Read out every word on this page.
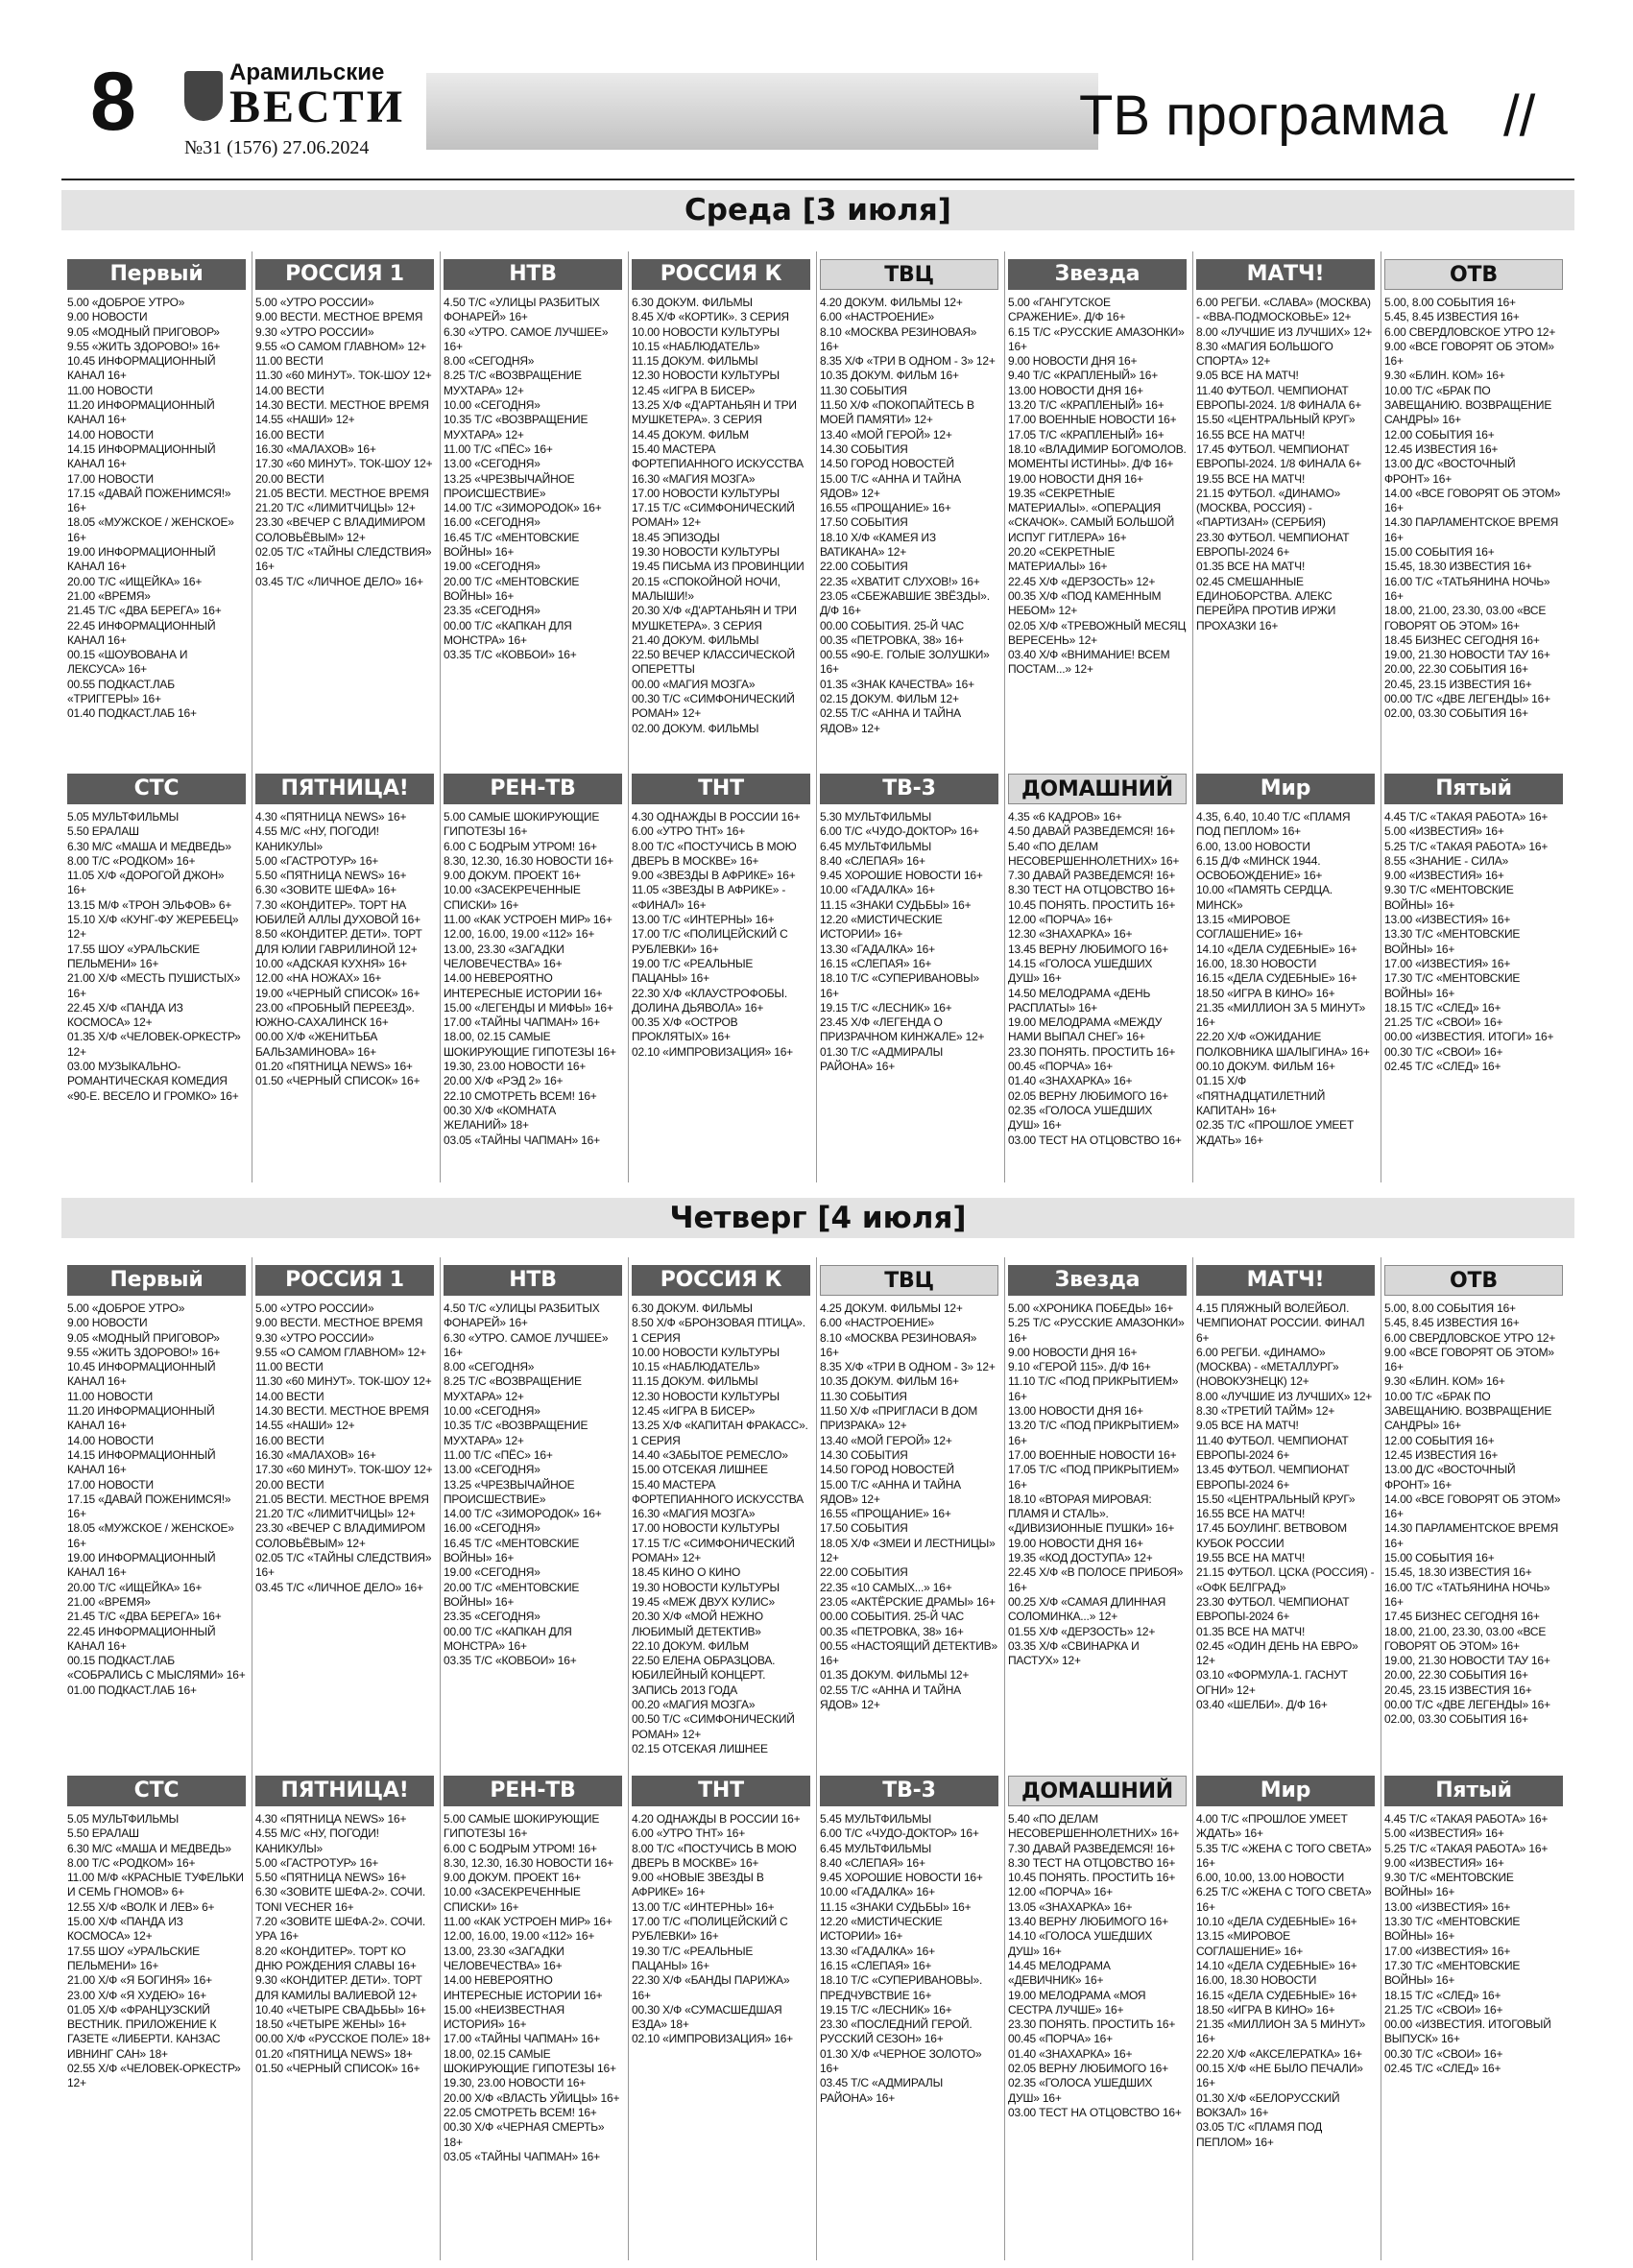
8	Арамильские
ВЕСТИ
№31 (1576) 27.06.2024
ТВ программа //
Среда [3 июля]
Четверг [4 июля]
Первый
5.00 «ДОБРОЕ УТРО»
9.00 НОВОСТИ
9.05 «МОДНЫЙ ПРИГОВОР»
9.55 «ЖИТЬ ЗДОРОВО!» 16+
10.45 ИНФОРМАЦИОННЫЙ КАНАЛ 16+
11.00 НОВОСТИ
11.20 ИНФОРМАЦИОННЫЙ КАНАЛ 16+
14.00 НОВОСТИ
14.15 ИНФОРМАЦИОННЫЙ КАНАЛ 16+
17.00 НОВОСТИ
17.15 «ДАВАЙ ПОЖЕНИМСЯ!» 16+
18.05 «МУЖСКОЕ / ЖЕНСКОЕ» 16+
19.00 ИНФОРМАЦИОННЫЙ КАНАЛ 16+
20.00 Т/С «ИЩЕЙКА» 16+
21.00 «ВРЕМЯ»
21.45 Т/С «ДВА БЕРЕГА» 16+
22.45 ИНФОРМАЦИОННЫЙ КАНАЛ 16+
00.15 «ШОУВОВАНА И ЛЕКСУСА» 16+
00.55 ПОДКАСТ.ЛАБ «ТРИГГЕРЫ» 16+
01.40 ПОДКАСТ.ЛАБ 16+
РОССИЯ 1
5.00 «УТРО РОССИИ»
9.00 ВЕСТИ. МЕСТНОЕ ВРЕМЯ
9.30 «УТРО РОССИИ»
9.55 «О САМОМ ГЛАВНОМ» 12+
11.00 ВЕСТИ
11.30 «60 МИНУТ». ТОК-ШОУ 12+
14.00 ВЕСТИ
14.30 ВЕСТИ. МЕСТНОЕ ВРЕМЯ
14.55 «НАШИ» 12+
16.00 ВЕСТИ
16.30 «МАЛАХОВ» 16+
17.30 «60 МИНУТ». ТОК-ШОУ 12+
20.00 ВЕСТИ
21.05 ВЕСТИ. МЕСТНОЕ ВРЕМЯ
21.20 Т/С «ЛИМИТЧИЦЫ» 12+
23.30 «ВЕЧЕР С ВЛАДИМИРОМ СОЛОВЬЁВЫМ» 12+
02.05 Т/С «ТАЙНЫ СЛЕДСТВИЯ» 16+
03.45 Т/С «ЛИЧНОЕ ДЕЛО» 16+
НТВ
4.50 Т/С «УЛИЦЫ РАЗБИТЫХ ФОНАРЕЙ» 16+
6.30 «УТРО. САМОЕ ЛУЧШЕЕ» 16+
8.00 «СЕГОДНЯ»
8.25 Т/С «ВОЗВРАЩЕНИЕ МУХТАРА» 12+
10.00 «СЕГОДНЯ»
10.35 Т/С «ВОЗВРАЩЕНИЕ МУХТАРА» 12+
11.00 Т/С «ПЁС» 16+
13.00 «СЕГОДНЯ»
13.25 «ЧРЕЗВЫЧАЙНОЕ ПРОИСШЕСТВИЕ»
14.00 Т/С «ЗИМОРОДОК» 16+
16.00 «СЕГОДНЯ»
16.45 Т/С «МЕНТОВСКИЕ ВОЙНЫ» 16+
19.00 «СЕГОДНЯ»
20.00 Т/С «МЕНТОВСКИЕ ВОЙНЫ» 16+
23.35 «СЕГОДНЯ»
00.00 Т/С «КАПКАН ДЛЯ МОНСТРА» 16+
03.35 Т/С «КОВБОИ» 16+
РОССИЯ К
6.30 ДОКУМ. ФИЛЬМЫ
8.45 Х/Ф «КОРТИК». 3 СЕРИЯ
10.00 НОВОСТИ КУЛЬТУРЫ
10.15 «НАБЛЮДАТЕЛЬ»
11.15 ДОКУМ. ФИЛЬМЫ
12.30 НОВОСТИ КУЛЬТУРЫ
12.45 «ИГРА В БИСЕР»
13.25 Х/Ф «Д'АРТАНЬЯН И ТРИ МУШКЕТЕРА». 3 СЕРИЯ
14.45 ДОКУМ. ФИЛЬМ
15.40 МАСТЕРА ФОРТЕПИАННОГО ИСКУССТВА
16.30 «МАГИЯ МОЗГА»
17.00 НОВОСТИ КУЛЬТУРЫ
17.15 Т/С «СИМФОНИЧЕСКИЙ РОМАН» 12+
18.45 ЭПИЗОДЫ
19.30 НОВОСТИ КУЛЬТУРЫ
19.45 ПИСЬМА ИЗ ПРОВИНЦИИ
20.15 «СПОКОЙНОЙ НОЧИ, МАЛЫШИ!»
20.30 Х/Ф «Д'АРТАНЬЯН И ТРИ МУШКЕТЕРА». 3 СЕРИЯ
21.40 ДОКУМ. ФИЛЬМЫ
22.50 ВЕЧЕР КЛАССИЧЕСКОЙ ОПЕРЕТТЫ
00.00 «МАГИЯ МОЗГА»
00.30 Т/С «СИМФОНИЧЕСКИЙ РОМАН» 12+
02.00 ДОКУМ. ФИЛЬМЫ
ТВЦ
4.20 ДОКУМ. ФИЛЬМЫ 12+
6.00 «НАСТРОЕНИЕ»
8.10 «МОСКВА РЕЗИНОВАЯ» 16+
8.35 Х/Ф «ТРИ В ОДНОМ - 3» 12+
10.35 ДОКУМ. ФИЛЬМ 16+
11.30 СОБЫТИЯ
11.50 Х/Ф «ПОКОПАЙТЕСЬ В МОЕЙ ПАМЯТИ» 12+
13.40 «МОЙ ГЕРОЙ» 12+
14.30 СОБЫТИЯ
14.50 ГОРОД НОВОСТЕЙ
15.00 Т/С «АННА И ТАЙНА ЯДОВ» 12+
16.55 «ПРОЩАНИЕ» 16+
17.50 СОБЫТИЯ
18.10 Х/Ф «КАМЕЯ ИЗ ВАТИКАНА» 12+
22.00 СОБЫТИЯ
22.35 «ХВАТИТ СЛУХОВ!» 16+
23.05 «СБЕЖАВШИЕ ЗВЁЗДЫ». Д/Ф 16+
00.00 СОБЫТИЯ. 25-Й ЧАС
00.35 «ПЕТРОВКА, 38» 16+
00.55 «90-Е. ГОЛЫЕ ЗОЛУШКИ» 16+
01.35 «ЗНАК КАЧЕСТВА» 16+
02.15 ДОКУМ. ФИЛЬМ 12+
02.55 Т/С «АННА И ТАЙНА ЯДОВ» 12+
Звезда
5.00 «ГАНГУТСКОЕ СРАЖЕНИЕ». Д/Ф 16+
6.15 Т/С «РУССКИЕ АМАЗОНКИ» 16+
9.00 НОВОСТИ ДНЯ 16+
9.40 Т/С «КРАПЛЕНЫЙ» 16+
13.00 НОВОСТИ ДНЯ 16+
13.20 Т/С «КРАПЛЕНЫЙ» 16+
17.00 ВОЕННЫЕ НОВОСТИ 16+
17.05 Т/С «КРАПЛЕНЫЙ» 16+
18.10 «ВЛАДИМИР БОГОМОЛОВ. МОМЕНТЫ ИСТИНЫ». Д/Ф 16+
19.00 НОВОСТИ ДНЯ 16+
19.35 «СЕКРЕТНЫЕ МАТЕРИАЛЫ». «ОПЕРАЦИЯ «СКАЧОК». САМЫЙ БОЛЬШОЙ ИСПУГ ГИТЛЕРА» 16+
20.20 «СЕКРЕТНЫЕ МАТЕРИАЛЫ» 16+
22.45 Х/Ф «ДЕРЗОСТЬ» 12+
00.35 Х/Ф «ПОД КАМЕННЫМ НЕБОМ» 12+
02.05 Х/Ф «ТРЕВОЖНЫЙ МЕСЯЦ ВЕРЕСЕНЬ» 12+
03.40 Х/Ф «ВНИМАНИЕ! ВСЕМ ПОСТАМ...» 12+
МАТЧ!
6.00 РЕГБИ. «СЛАВА» (МОСКВА) - «ВВА-ПОДМОСКОВЬЕ» 12+
8.00 «ЛУЧШИЕ ИЗ ЛУЧШИХ» 12+
8.30 «МАГИЯ БОЛЬШОГО СПОРТА» 12+
9.05 ВСЕ НА МАТЧ!
11.40 ФУТБОЛ. ЧЕМПИОНАТ ЕВРОПЫ-2024. 1/8 ФИНАЛА 6+
15.50 «ЦЕНТРАЛЬНЫЙ КРУГ»
16.55 ВСЕ НА МАТЧ!
17.45 ФУТБОЛ. ЧЕМПИОНАТ ЕВРОПЫ-2024. 1/8 ФИНАЛА 6+
19.55 ВСЕ НА МАТЧ!
21.15 ФУТБОЛ. «ДИНАМО» (МОСКВА, РОССИЯ) - «ПАРТИЗАН» (СЕРБИЯ)
23.30 ФУТБОЛ. ЧЕМПИОНАТ ЕВРОПЫ-2024 6+
01.35 ВСЕ НА МАТЧ!
02.45 СМЕШАННЫЕ ЕДИНОБОРСТВА. АЛЕКС ПЕРЕЙРА ПРОТИВ ИРЖИ ПРОХАЗКИ 16+
ОТВ
5.00, 8.00 СОБЫТИЯ 16+
5.45, 8.45 ИЗВЕСТИЯ 16+
6.00 СВЕРДЛОВСКОЕ УТРО 12+
9.00 «ВСЕ ГОВОРЯТ ОБ ЭТОМ» 16+
9.30 «БЛИН. КОМ» 16+
10.00 Т/С «БРАК ПО ЗАВЕЩАНИЮ. ВОЗВРАЩЕНИЕ САНДРЫ» 16+
12.00 СОБЫТИЯ 16+
12.45 ИЗВЕСТИЯ 16+
13.00 Д/С «ВОСТОЧНЫЙ ФРОНТ» 16+
14.00 «ВСЕ ГОВОРЯТ ОБ ЭТОМ» 16+
14.30 ПАРЛАМЕНТСКОЕ ВРЕМЯ 16+
15.00 СОБЫТИЯ 16+
15.45, 18.30 ИЗВЕСТИЯ 16+
16.00 Т/С «ТАТЬЯНИНА НОЧЬ» 16+
18.00, 21.00, 23.30, 03.00 «ВСЕ ГОВОРЯТ ОБ ЭТОМ» 16+
18.45 БИЗНЕС СЕГОДНЯ 16+
19.00, 21.30 НОВОСТИ ТАУ 16+
20.00, 22.30 СОБЫТИЯ 16+
20.45, 23.15 ИЗВЕСТИЯ 16+
00.00 Т/С «ДВЕ ЛЕГЕНДЫ» 16+
02.00, 03.30 СОБЫТИЯ 16+
СТС
5.05 МУЛЬТФИЛЬМЫ
5.50 ЕРАЛАШ
6.30 М/С «МАША И МЕДВЕДЬ»
8.00 Т/С «РОДКОМ» 16+
11.05 Х/Ф «ДОРОГОЙ ДЖОН» 16+
13.15 М/Ф «ТРОН ЭЛЬФОВ» 6+
15.10 Х/Ф «КУНГ-ФУ ЖЕРЕБЕЦ» 12+
17.55 ШОУ «УРАЛЬСКИЕ ПЕЛЬМЕНИ» 16+
21.00 Х/Ф «МЕСТЬ ПУШИСТЫХ» 16+
22.45 Х/Ф «ПАНДА ИЗ КОСМОСА» 12+
01.35 Х/Ф «ЧЕЛОВЕК-ОРКЕСТР» 12+
03.00 МУЗЫКАЛЬНО-РОМАНТИЧЕСКАЯ КОМЕДИЯ «90-Е. ВЕСЕЛО И ГРОМКО» 16+
ПЯТНИЦА!
4.30 «ПЯТНИЦА NEWS» 16+
4.55 М/С «НУ, ПОГОДИ! КАНИКУЛЫ»
5.00 «ГАСТРОТУР» 16+
5.50 «ПЯТНИЦА NEWS» 16+
6.30 «ЗОВИТЕ ШЕФА» 16+
7.30 «КОНДИТЕР». ТОРТ НА ЮБИЛЕЙ АЛЛЫ ДУХОВОЙ 16+
8.50 «КОНДИТЕР. ДЕТИ». ТОРТ ДЛЯ ЮЛИИ ГАВРИЛИНОЙ 12+
10.00 «АДСКАЯ КУХНЯ» 16+
12.00 «НА НОЖАХ» 16+
19.00 «ЧЕРНЫЙ СПИСОК» 16+
23.00 «ПРОБНЫЙ ПЕРЕЕЗД». ЮЖНО-САХАЛИНСК 16+
00.00 Х/Ф «ЖЕНИТЬБА БАЛЬЗАМИНОВА» 16+
01.20 «ПЯТНИЦА NEWS» 16+
01.50 «ЧЕРНЫЙ СПИСОК» 16+
РЕН-ТВ
5.00 САМЫЕ ШОКИРУЮЩИЕ ГИПОТЕЗЫ 16+
6.00 С БОДРЫМ УТРОМ! 16+
8.30, 12.30, 16.30 НОВОСТИ 16+
9.00 ДОКУМ. ПРОЕКТ 16+
10.00 «ЗАСЕКРЕЧЕННЫЕ СПИСКИ» 16+
11.00 «КАК УСТРОЕН МИР» 16+
12.00, 16.00, 19.00 «112» 16+
13.00, 23.30 «ЗАГАДКИ ЧЕЛОВЕЧЕСТВА» 16+
14.00 НЕВЕРОЯТНО ИНТЕРЕСНЫЕ ИСТОРИИ 16+
15.00 «ЛЕГЕНДЫ И МИФЫ» 16+
17.00 «ТАЙНЫ ЧАПМАН» 16+
18.00, 02.15 САМЫЕ ШОКИРУЮЩИЕ ГИПОТЕЗЫ 16+
19.30, 23.00 НОВОСТИ 16+
20.00 Х/Ф «РЭД 2» 16+
22.10 СМОТРЕТЬ ВСЕМ! 16+
00.30 Х/Ф «КОМНАТА ЖЕЛАНИЙ» 18+
03.05 «ТАЙНЫ ЧАПМАН» 16+
ТНТ
4.30 ОДНАЖДЫ В РОССИИ 16+
6.00 «УТРО ТНТ» 16+
8.00 Т/С «ПОСТУЧИСЬ В МОЮ ДВЕРЬ В МОСКВЕ» 16+
9.00 «ЗВЕЗДЫ В АФРИКЕ» 16+
11.05 «ЗВЕЗДЫ В АФРИКЕ» - «ФИНАЛ» 16+
13.00 Т/С «ИНТЕРНЫ» 16+
17.00 Т/С «ПОЛИЦЕЙСКИЙ С РУБЛЕВКИ» 16+
19.00 Т/С «РЕАЛЬНЫЕ ПАЦАНЫ» 16+
22.30 Х/Ф «КЛАУСТРОФОБЫ. ДОЛИНА ДЬЯВОЛА» 16+
00.35 Х/Ф «ОСТРОВ ПРОКЛЯТЫХ» 16+
02.10 «ИМПРОВИЗАЦИЯ» 16+
ТВ-3
5.30 МУЛЬТФИЛЬМЫ
6.00 Т/С «ЧУДО-ДОКТОР» 16+
6.45 МУЛЬТФИЛЬМЫ
8.40 «СЛЕПАЯ» 16+
9.45 ХОРОШИЕ НОВОСТИ 16+
10.00 «ГАДАЛКА» 16+
11.15 «ЗНАКИ СУДЬБЫ» 16+
12.20 «МИСТИЧЕСКИЕ ИСТОРИИ» 16+
13.30 «ГАДАЛКА» 16+
16.15 «СЛЕПАЯ» 16+
18.10 Т/С «СУПЕРИВАНОВЫ» 16+
19.15 Т/С «ЛЕСНИК» 16+
23.45 Х/Ф «ЛЕГЕНДА О ПРИЗРАЧНОМ КИНЖАЛЕ» 12+
01.30 Т/С «АДМИРАЛЫ РАЙОНА» 16+
ДОМАШНИЙ
4.35 «6 КАДРОВ» 16+
4.50 ДАВАЙ РАЗВЕДЕМСЯ! 16+
5.40 «ПО ДЕЛАМ НЕСОВЕРШЕННОЛЕТНИХ» 16+
7.30 ДАВАЙ РАЗВЕДЕМСЯ! 16+
8.30 ТЕСТ НА ОТЦОВСТВО 16+
10.45 ПОНЯТЬ. ПРОСТИТЬ 16+
12.00 «ПОРЧА» 16+
12.30 «ЗНАХАРКА» 16+
13.45 ВЕРНУ ЛЮБИМОГО 16+
14.15 «ГОЛОСА УШЕДШИХ ДУШ» 16+
14.50 МЕЛОДРАМА «ДЕНЬ РАСПЛАТЫ» 16+
19.00 МЕЛОДРАМА «МЕЖДУ НАМИ ВЫПАЛ СНЕГ» 16+
23.30 ПОНЯТЬ. ПРОСТИТЬ 16+
00.45 «ПОРЧА» 16+
01.40 «ЗНАХАРКА» 16+
02.05 ВЕРНУ ЛЮБИМОГО 16+
02.35 «ГОЛОСА УШЕДШИХ ДУШ» 16+
03.00 ТЕСТ НА ОТЦОВСТВО 16+
Мир
4.35, 6.40, 10.40 Т/С «ПЛАМЯ ПОД ПЕПЛОМ» 16+
6.00, 13.00 НОВОСТИ
6.15 Д/Ф «МИНСК 1944. ОСВОБОЖДЕНИЕ» 16+
10.00 «ПАМЯТЬ СЕРДЦА. МИНСК»
13.15 «МИРОВОЕ СОГЛАШЕНИЕ» 16+
14.10 «ДЕЛА СУДЕБНЫЕ» 16+
16.00, 18.30 НОВОСТИ
16.15 «ДЕЛА СУДЕБНЫЕ» 16+
18.50 «ИГРА В КИНО» 16+
21.35 «МИЛЛИОН ЗА 5 МИНУТ» 16+
22.20 Х/Ф «ОЖИДАНИЕ ПОЛКОВНИКА ШАЛЫГИНА» 16+
00.10 ДОКУМ. ФИЛЬМ 16+
01.15 Х/Ф «ПЯТНАДЦАТИЛЕТНИЙ КАПИТАН» 16+
02.35 Т/С «ПРОШЛОЕ УМЕЕТ ЖДАТЬ» 16+
Пятый
4.45 Т/С «ТАКАЯ РАБОТА» 16+
5.00 «ИЗВЕСТИЯ» 16+
5.25 Т/С «ТАКАЯ РАБОТА» 16+
8.55 «ЗНАНИЕ - СИЛА»
9.00 «ИЗВЕСТИЯ» 16+
9.30 Т/С «МЕНТОВСКИЕ ВОЙНЫ» 16+
13.00 «ИЗВЕСТИЯ» 16+
13.30 Т/С «МЕНТОВСКИЕ ВОЙНЫ» 16+
17.00 «ИЗВЕСТИЯ» 16+
17.30 Т/С «МЕНТОВСКИЕ ВОЙНЫ» 16+
18.15 Т/С «СЛЕД» 16+
21.25 Т/С «СВОИ» 16+
00.00 «ИЗВЕСТИЯ. ИТОГИ» 16+
00.30 Т/С «СВОИ» 16+
02.45 Т/С «СЛЕД» 16+
Первый
5.00 «ДОБРОЕ УТРО»
9.00 НОВОСТИ
9.05 «МОДНЫЙ ПРИГОВОР»
9.55 «ЖИТЬ ЗДОРОВО!» 16+
10.45 ИНФОРМАЦИОННЫЙ КАНАЛ 16+
11.00 НОВОСТИ
11.20 ИНФОРМАЦИОННЫЙ КАНАЛ 16+
14.00 НОВОСТИ
14.15 ИНФОРМАЦИОННЫЙ КАНАЛ 16+
17.00 НОВОСТИ
17.15 «ДАВАЙ ПОЖЕНИМСЯ!» 16+
18.05 «МУЖСКОЕ / ЖЕНСКОЕ» 16+
19.00 ИНФОРМАЦИОННЫЙ КАНАЛ 16+
20.00 Т/С «ИЩЕЙКА» 16+
21.00 «ВРЕМЯ»
21.45 Т/С «ДВА БЕРЕГА» 16+
22.45 ИНФОРМАЦИОННЫЙ КАНАЛ 16+
00.15 ПОДКАСТ.ЛАБ «СОБРАЛИСЬ С МЫСЛЯМИ» 16+
01.00 ПОДКАСТ.ЛАБ 16+
РОССИЯ 1
5.00 «УТРО РОССИИ»
9.00 ВЕСТИ. МЕСТНОЕ ВРЕМЯ
9.30 «УТРО РОССИИ»
9.55 «О САМОМ ГЛАВНОМ» 12+
11.00 ВЕСТИ
11.30 «60 МИНУТ». ТОК-ШОУ 12+
14.00 ВЕСТИ
14.30 ВЕСТИ. МЕСТНОЕ ВРЕМЯ
14.55 «НАШИ» 12+
16.00 ВЕСТИ
16.30 «МАЛАХОВ» 16+
17.30 «60 МИНУТ». ТОК-ШОУ 12+
20.00 ВЕСТИ
21.05 ВЕСТИ. МЕСТНОЕ ВРЕМЯ
21.20 Т/С «ЛИМИТЧИЦЫ» 12+
23.30 «ВЕЧЕР С ВЛАДИМИРОМ СОЛОВЬЁВЫМ» 12+
02.05 Т/С «ТАЙНЫ СЛЕДСТВИЯ» 16+
03.45 Т/С «ЛИЧНОЕ ДЕЛО» 16+
НТВ
4.50 Т/С «УЛИЦЫ РАЗБИТЫХ ФОНАРЕЙ» 16+
6.30 «УТРО. САМОЕ ЛУЧШЕЕ» 16+
8.00 «СЕГОДНЯ»
8.25 Т/С «ВОЗВРАЩЕНИЕ МУХТАРА» 12+
10.00 «СЕГОДНЯ»
10.35 Т/С «ВОЗВРАЩЕНИЕ МУХТАРА» 12+
11.00 Т/С «ПЁС» 16+
13.00 «СЕГОДНЯ»
13.25 «ЧРЕЗВЫЧАЙНОЕ ПРОИСШЕСТВИЕ»
14.00 Т/С «ЗИМОРОДОК» 16+
16.00 «СЕГОДНЯ»
16.45 Т/С «МЕНТОВСКИЕ ВОЙНЫ» 16+
19.00 «СЕГОДНЯ»
20.00 Т/С «МЕНТОВСКИЕ ВОЙНЫ» 16+
23.35 «СЕГОДНЯ»
00.00 Т/С «КАПКАН ДЛЯ МОНСТРА» 16+
03.35 Т/С «КОВБОИ» 16+
РОССИЯ К
6.30 ДОКУМ. ФИЛЬМЫ
8.50 Х/Ф «БРОНЗОВАЯ ПТИЦА». 1 СЕРИЯ
10.00 НОВОСТИ КУЛЬТУРЫ
10.15 «НАБЛЮДАТЕЛЬ»
11.15 ДОКУМ. ФИЛЬМЫ
12.30 НОВОСТИ КУЛЬТУРЫ
12.45 «ИГРА В БИСЕР»
13.25 Х/Ф «КАПИТАН ФРАКАСС». 1 СЕРИЯ
14.40 «ЗАБЫТОЕ РЕМЕСЛО»
15.00 ОТСЕКАЯ ЛИШНЕЕ
15.40 МАСТЕРА ФОРТЕПИАННОГО ИСКУССТВА
16.30 «МАГИЯ МОЗГА»
17.00 НОВОСТИ КУЛЬТУРЫ
17.15 Т/С «СИМФОНИЧЕСКИЙ РОМАН» 12+
18.45 КИНО О КИНО
19.30 НОВОСТИ КУЛЬТУРЫ
19.45 «МЕЖ ДВУХ КУЛИС»
20.30 Х/Ф «МОЙ НЕЖНО ЛЮБИМЫЙ ДЕТЕКТИВ»
22.10 ДОКУМ. ФИЛЬМ
22.50 ЕЛЕНА ОБРАЗЦОВА. ЮБИЛЕЙНЫЙ КОНЦЕРТ. ЗАПИСЬ 2013 ГОДА
00.20 «МАГИЯ МОЗГА»
00.50 Т/С «СИМФОНИЧЕСКИЙ РОМАН» 12+
02.15 ОТСЕКАЯ ЛИШНЕЕ
ТВЦ
4.25 ДОКУМ. ФИЛЬМЫ 12+
6.00 «НАСТРОЕНИЕ»
8.10 «МОСКВА РЕЗИНОВАЯ» 16+
8.35 Х/Ф «ТРИ В ОДНОМ - 3» 12+
10.35 ДОКУМ. ФИЛЬМ 16+
11.30 СОБЫТИЯ
11.50 Х/Ф «ПРИГЛАСИ В ДОМ ПРИЗРАКА» 12+
13.40 «МОЙ ГЕРОЙ» 12+
14.30 СОБЫТИЯ
14.50 ГОРОД НОВОСТЕЙ
15.00 Т/С «АННА И ТАЙНА ЯДОВ» 12+
16.55 «ПРОЩАНИЕ» 16+
17.50 СОБЫТИЯ
18.05 Х/Ф «ЗМЕИ И ЛЕСТНИЦЫ» 12+
22.00 СОБЫТИЯ
22.35 «10 САМЫХ...» 16+
23.05 «АКТЁРСКИЕ ДРАМЫ» 16+
00.00 СОБЫТИЯ. 25-Й ЧАС
00.35 «ПЕТРОВКА, 38» 16+
00.55 «НАСТОЯЩИЙ ДЕТЕКТИВ» 16+
01.35 ДОКУМ. ФИЛЬМЫ 12+
02.55 Т/С «АННА И ТАЙНА ЯДОВ» 12+
Звезда
5.00 «ХРОНИКА ПОБЕДЫ» 16+
5.25 Т/С «РУССКИЕ АМАЗОНКИ» 16+
9.00 НОВОСТИ ДНЯ 16+
9.10 «ГЕРОЙ 115». Д/Ф 16+
11.10 Т/С «ПОД ПРИКРЫТИЕМ» 16+
13.00 НОВОСТИ ДНЯ 16+
13.20 Т/С «ПОД ПРИКРЫТИЕМ» 16+
17.00 ВОЕННЫЕ НОВОСТИ 16+
17.05 Т/С «ПОД ПРИКРЫТИЕМ» 16+
18.10 «ВТОРАЯ МИРОВАЯ: ПЛАМЯ И СТАЛЬ». «ДИВИЗИОННЫЕ ПУШКИ» 16+
19.00 НОВОСТИ ДНЯ 16+
19.35 «КОД ДОСТУПА» 12+
22.45 Х/Ф «В ПОЛОСЕ ПРИБОЯ» 16+
00.25 Х/Ф «САМАЯ ДЛИННАЯ СОЛОМИНКА...» 12+
01.55 Х/Ф «ДЕРЗОСТЬ» 12+
03.35 Х/Ф «СВИНАРКА И ПАСТУХ» 12+
МАТЧ!
4.15 ПЛЯЖНЫЙ ВОЛЕЙБОЛ. ЧЕМПИОНАТ РОССИИ. ФИНАЛ 6+
6.00 РЕГБИ. «ДИНАМО» (МОСКВА) - «МЕТАЛЛУРГ» (НОВОКУЗНЕЦК) 12+
8.00 «ЛУЧШИЕ ИЗ ЛУЧШИХ» 12+
8.30 «ТРЕТИЙ ТАЙМ» 12+
9.05 ВСЕ НА МАТЧ!
11.40 ФУТБОЛ. ЧЕМПИОНАТ ЕВРОПЫ-2024 6+
13.45 ФУТБОЛ. ЧЕМПИОНАТ ЕВРОПЫ-2024 6+
15.50 «ЦЕНТРАЛЬНЫЙ КРУГ»
16.55 ВСЕ НА МАТЧ!
17.45 БОУЛИНГ. ВЕТВОВОМ КУБОК РОССИИ
19.55 ВСЕ НА МАТЧ!
21.15 ФУТБОЛ. ЦСКА (РОССИЯ) - «ОФК БЕЛГРАД»
23.30 ФУТБОЛ. ЧЕМПИОНАТ ЕВРОПЫ-2024 6+
01.35 ВСЕ НА МАТЧ!
02.45 «ОДИН ДЕНЬ НА ЕВРО» 12+
03.10 «ФОРМУЛА-1. ГАСНУТ ОГНИ» 12+
03.40 «ШЕЛБИ». Д/Ф 16+
ОТВ
5.00, 8.00 СОБЫТИЯ 16+
5.45, 8.45 ИЗВЕСТИЯ 16+
6.00 СВЕРДЛОВСКОЕ УТРО 12+
9.00 «ВСЕ ГОВОРЯТ ОБ ЭТОМ» 16+
9.30 «БЛИН. КОМ» 16+
10.00 Т/С «БРАК ПО ЗАВЕЩАНИЮ. ВОЗВРАЩЕНИЕ САНДРЫ» 16+
12.00 СОБЫТИЯ 16+
12.45 ИЗВЕСТИЯ 16+
13.00 Д/С «ВОСТОЧНЫЙ ФРОНТ» 16+
14.00 «ВСЕ ГОВОРЯТ ОБ ЭТОМ» 16+
14.30 ПАРЛАМЕНТСКОЕ ВРЕМЯ 16+
15.00 СОБЫТИЯ 16+
15.45, 18.30 ИЗВЕСТИЯ 16+
16.00 Т/С «ТАТЬЯНИНА НОЧЬ» 16+
17.45 БИЗНЕС СЕГОДНЯ 16+
18.00, 21.00, 23.30, 03.00 «ВСЕ ГОВОРЯТ ОБ ЭТОМ» 16+
19.00, 21.30 НОВОСТИ ТАУ 16+
20.00, 22.30 СОБЫТИЯ 16+
20.45, 23.15 ИЗВЕСТИЯ 16+
00.00 Т/С «ДВЕ ЛЕГЕНДЫ» 16+
02.00, 03.30 СОБЫТИЯ 16+
СТС
5.05 МУЛЬТФИЛЬМЫ
5.50 ЕРАЛАШ
6.30 М/С «МАША И МЕДВЕДЬ»
8.00 Т/С «РОДКОМ» 16+
11.00 М/Ф «КРАСНЫЕ ТУФЕЛЬКИ И СЕМЬ ГНОМОВ» 6+
12.55 Х/Ф «ВОЛК И ЛЕВ» 6+
15.00 Х/Ф «ПАНДА ИЗ КОСМОСА» 12+
17.55 ШОУ «УРАЛЬСКИЕ ПЕЛЬМЕНИ» 16+
21.00 Х/Ф «Я БОГИНЯ» 16+
23.00 Х/Ф «Я ХУДЕЮ» 16+
01.05 Х/Ф «ФРАНЦУЗСКИЙ ВЕСТНИК. ПРИЛОЖЕНИЕ К ГАЗЕТЕ «ЛИБЕРТИ. КАНЗАС ИВНИНГ САН» 18+
02.55 Х/Ф «ЧЕЛОВЕК-ОРКЕСТР» 12+
ПЯТНИЦА!
4.30 «ПЯТНИЦА NEWS» 16+
4.55 М/С «НУ, ПОГОДИ! КАНИКУЛЫ»
5.00 «ГАСТРОТУР» 16+
5.50 «ПЯТНИЦА NEWS» 16+
6.30 «ЗОВИТЕ ШЕФА-2». СОЧИ. TONI VECHER 16+
7.20 «ЗОВИТЕ ШЕФА-2». СОЧИ. УРА 16+
8.20 «КОНДИТЕР». ТОРТ КО ДНЮ РОЖДЕНИЯ СЛАВЫ 16+
9.30 «КОНДИТЕР. ДЕТИ». ТОРТ ДЛЯ КАМИЛЫ ВАЛИЕВОЙ 12+
10.40 «ЧЕТЫРЕ СВАДЬБЫ» 16+
18.50 «ЧЕТЫРЕ ЖЕНЫ» 16+
00.00 Х/Ф «РУССКОЕ ПОЛЕ» 18+
01.20 «ПЯТНИЦА NEWS» 18+
01.50 «ЧЕРНЫЙ СПИСОК» 16+
РЕН-ТВ
5.00 САМЫЕ ШОКИРУЮЩИЕ ГИПОТЕЗЫ 16+
6.00 С БОДРЫМ УТРОМ! 16+
8.30, 12.30, 16.30 НОВОСТИ 16+
9.00 ДОКУМ. ПРОЕКТ 16+
10.00 «ЗАСЕКРЕЧЕННЫЕ СПИСКИ» 16+
11.00 «КАК УСТРОЕН МИР» 16+
12.00, 16.00, 19.00 «112» 16+
13.00, 23.30 «ЗАГАДКИ ЧЕЛОВЕЧЕСТВА» 16+
14.00 НЕВЕРОЯТНО ИНТЕРЕСНЫЕ ИСТОРИИ 16+
15.00 «НЕИЗВЕСТНАЯ ИСТОРИЯ» 16+
17.00 «ТАЙНЫ ЧАПМАН» 16+
18.00, 02.15 САМЫЕ ШОКИРУЮЩИЕ ГИПОТЕЗЫ 16+
19.30, 23.00 НОВОСТИ 16+
20.00 Х/Ф «ВЛАСТЬ УЙИЦЫ» 16+
22.05 СМОТРЕТЬ ВСЕМ! 16+
00.30 Х/Ф «ЧЕРНАЯ СМЕРТЬ» 18+
03.05 «ТАЙНЫ ЧАПМАН» 16+
ТНТ
4.20 ОДНАЖДЫ В РОССИИ 16+
6.00 «УТРО ТНТ» 16+
8.00 Т/С «ПОСТУЧИСЬ В МОЮ ДВЕРЬ В МОСКВЕ» 16+
9.00 «НОВЫЕ ЗВЕЗДЫ В АФРИКЕ» 16+
13.00 Т/С «ИНТЕРНЫ» 16+
17.00 Т/С «ПОЛИЦЕЙСКИЙ С РУБЛЕВКИ» 16+
19.30 Т/С «РЕАЛЬНЫЕ ПАЦАНЫ» 16+
22.30 Х/Ф «БАНДЫ ПАРИЖА» 16+
00.30 Х/Ф «СУМАСШЕДШАЯ ЕЗДА» 18+
02.10 «ИМПРОВИЗАЦИЯ» 16+
ТВ-3
5.45 МУЛЬТФИЛЬМЫ
6.00 Т/С «ЧУДО-ДОКТОР» 16+
6.45 МУЛЬТФИЛЬМЫ
8.40 «СЛЕПАЯ» 16+
9.45 ХОРОШИЕ НОВОСТИ 16+
10.00 «ГАДАЛКА» 16+
11.15 «ЗНАКИ СУДЬБЫ» 16+
12.20 «МИСТИЧЕСКИЕ ИСТОРИИ» 16+
13.30 «ГАДАЛКА» 16+
16.15 «СЛЕПАЯ» 16+
18.10 Т/С «СУПЕРИВАНОВЫ». ПРЕДЧУВСТВИЕ 16+
19.15 Т/С «ЛЕСНИК» 16+
23.30 «ПОСЛЕДНИЙ ГЕРОЙ. РУССКИЙ СЕЗОН» 16+
01.30 Х/Ф «ЧЕРНОЕ ЗОЛОТО» 16+
03.45 Т/С «АДМИРАЛЫ РАЙОНА» 16+
ДОМАШНИЙ
5.40 «ПО ДЕЛАМ НЕСОВЕРШЕННОЛЕТНИХ» 16+
7.30 ДАВАЙ РАЗВЕДЕМСЯ! 16+
8.30 ТЕСТ НА ОТЦОВСТВО 16+
10.45 ПОНЯТЬ. ПРОСТИТЬ 16+
12.00 «ПОРЧА» 16+
13.05 «ЗНАХАРКА» 16+
13.40 ВЕРНУ ЛЮБИМОГО 16+
14.10 «ГОЛОСА УШЕДШИХ ДУШ» 16+
14.45 МЕЛОДРАМА «ДЕВИЧНИК» 16+
19.00 МЕЛОДРАМА «МОЯ СЕСТРА ЛУЧШЕ» 16+
23.30 ПОНЯТЬ. ПРОСТИТЬ 16+
00.45 «ПОРЧА» 16+
01.40 «ЗНАХАРКА» 16+
02.05 ВЕРНУ ЛЮБИМОГО 16+
02.35 «ГОЛОСА УШЕДШИХ ДУШ» 16+
03.00 ТЕСТ НА ОТЦОВСТВО 16+
Мир
4.00 Т/С «ПРОШЛОЕ УМЕЕТ ЖДАТЬ» 16+
5.35 Т/С «ЖЕНА С ТОГО СВЕТА» 16+
6.00, 10.00, 13.00 НОВОСТИ
6.25 Т/С «ЖЕНА С ТОГО СВЕТА» 16+
10.10 «ДЕЛА СУДЕБНЫЕ» 16+
13.15 «МИРОВОЕ СОГЛАШЕНИЕ» 16+
14.10 «ДЕЛА СУДЕБНЫЕ» 16+
16.00, 18.30 НОВОСТИ
16.15 «ДЕЛА СУДЕБНЫЕ» 16+
18.50 «ИГРА В КИНО» 16+
21.35 «МИЛЛИОН ЗА 5 МИНУТ» 16+
22.20 Х/Ф «АКСЕЛЕРАТКА» 16+
00.15 Х/Ф «НЕ БЫЛО ПЕЧАЛИ» 16+
01.30 Х/Ф «БЕЛОРУССКИЙ ВОКЗАЛ» 16+
03.05 Т/С «ПЛАМЯ ПОД ПЕПЛОМ» 16+
Пятый
4.45 Т/С «ТАКАЯ РАБОТА» 16+
5.00 «ИЗВЕСТИЯ» 16+
5.25 Т/С «ТАКАЯ РАБОТА» 16+
9.00 «ИЗВЕСТИЯ» 16+
9.30 Т/С «МЕНТОВСКИЕ ВОЙНЫ» 16+
13.00 «ИЗВЕСТИЯ» 16+
13.30 Т/С «МЕНТОВСКИЕ ВОЙНЫ» 16+
17.00 «ИЗВЕСТИЯ» 16+
17.30 Т/С «МЕНТОВСКИЕ ВОЙНЫ» 16+
18.15 Т/С «СЛЕД» 16+
21.25 Т/С «СВОИ» 16+
00.00 «ИЗВЕСТИЯ. ИТОГОВЫЙ ВЫПУСК» 16+
00.30 Т/С «СВОИ» 16+
02.45 Т/С «СЛЕД» 16+
